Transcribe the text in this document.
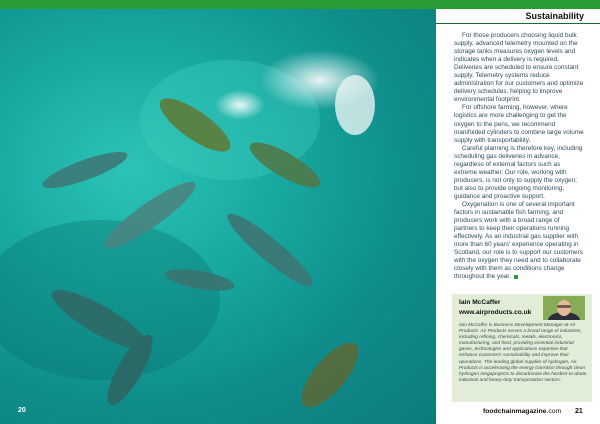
Sustainability

For those producers choosing liquid bulk supply, advanced telemetry mounted on the storage tanks measures oxygen levels and indicates when a delivery is required. Deliveries are scheduled to ensure constant supply. Telemetry systems reduce administration for our customers and optimize delivery schedules, helping to improve environmental footprint.

For offshore farming, however, where logistics are more challenging to get the oxygen to the pens, we recommend manifolded cylinders to combine large volume supply with transportability.

Careful planning is therefore key, including scheduling gas deliveries in advance, regardless of external factors such as extreme weather. Our role, working with producers, is not only to supply the oxygen; but also to provide ongoing monitoring, guidance and proactive support.

Oxygenation is one of several important factors in sustainable fish farming, and producers work with a broad range of partners to keep their operations running effectively. As an industrial gas supplier with more than 60 years' experience operating in Scotland, our role is to support our customers with the oxygen they need and to collaborate closely with them as conditions change throughout the year.

Iain McCaffer
www.airproducts.co.uk
Iain McCaffer is Business Development Manager at Air Products. Air Products serves a broad range of industries, including refining, chemicals, metals, electronics, manufacturing, and food, providing essential industrial gases, technologies and applications expertise that enhance customers' sustainability and improve their operations. The leading global supplier of hydrogen, Air Products is accelerating the energy transition through clean hydrogen megaprojects to decarbonize the hardest-to-abate industrial and heavy-duty transportation sectors.
20	foodchainmagazine.com 21
